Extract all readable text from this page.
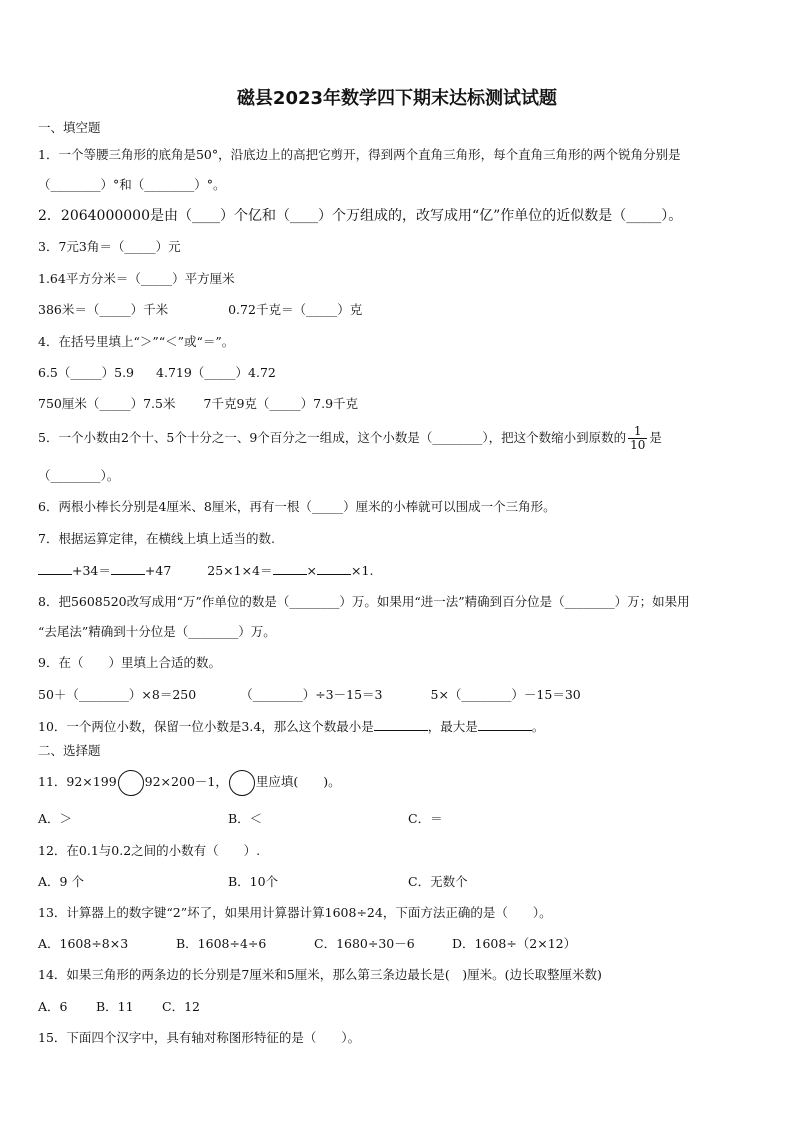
磁县2023年数学四下期末达标测试试题
一、填空题
1．一个等腰三角形的底角是50°，沿底边上的高把它剪开，得到两个直角三角形，每个直角三角形的两个锐角分别是
（________）°和（________）°。
2．2064000000是由（____）个亿和（____）个万组成的，改写成用“亿”作单位的近似数是（_____）。
3．7元3角＝（_____）元
1.64平方分米＝（_____）平方厘米
386米＝（_____）千米	0.72千克＝（_____）克
4．在括号里填上“＞”“＜”或“＝”。
6.5（_____）5.9 4.719（_____）4.72
750厘米（_____）7.5米 7千克9克（_____）7.9千克
5．一个小数由2个十、5个十分之一、9个百分之一组成，这个小数是（________），把这个数缩小到原数的 $\frac{1}{10}$ 是
（________）。
6．两根小棒长分别是4厘米、8厘米，再有一根（_____）厘米的小棒就可以围成一个三角形。
7．根据运算定律，在横线上填上适当的数.
+34＝	+47	25×1×4＝	×	×1.
8．把5608520改写成用“万”作单位的数是（________）万。如果用“进一法”精确到百分位是（________）万；如果用
“去尾法”精确到十分位是（________）万。
9．在（　　）里填上合适的数。
50＋（________）×8＝250	（________）÷3－15＝3	5×（________）－15＝30
10．一个两位小数，保留一位小数是3.4，那么这个数最小是	，最大是	。
二、选择题
11．92×199 92×200－1， 里应填(　　)。
A．＞	B．＜	C．＝
12．在0.1与0.2之间的小数有（　　）.
A．9 个	B．10个	C．无数个
13．计算器上的数字键“2”坏了，如果用计算器计算1608÷24，下面方法正确的是（　　）。
A．1608÷8×3	B．1608÷4÷6	C．1680÷30－6	D．1608÷（2×12）
14．如果三角形的两条边的长分别是7厘米和5厘米，那么第三条边最长是(　)厘米。(边长取整厘米数)
A．6 B．11 C．12
15．下面四个汉字中，具有轴对称图形特征的是（　　）。
